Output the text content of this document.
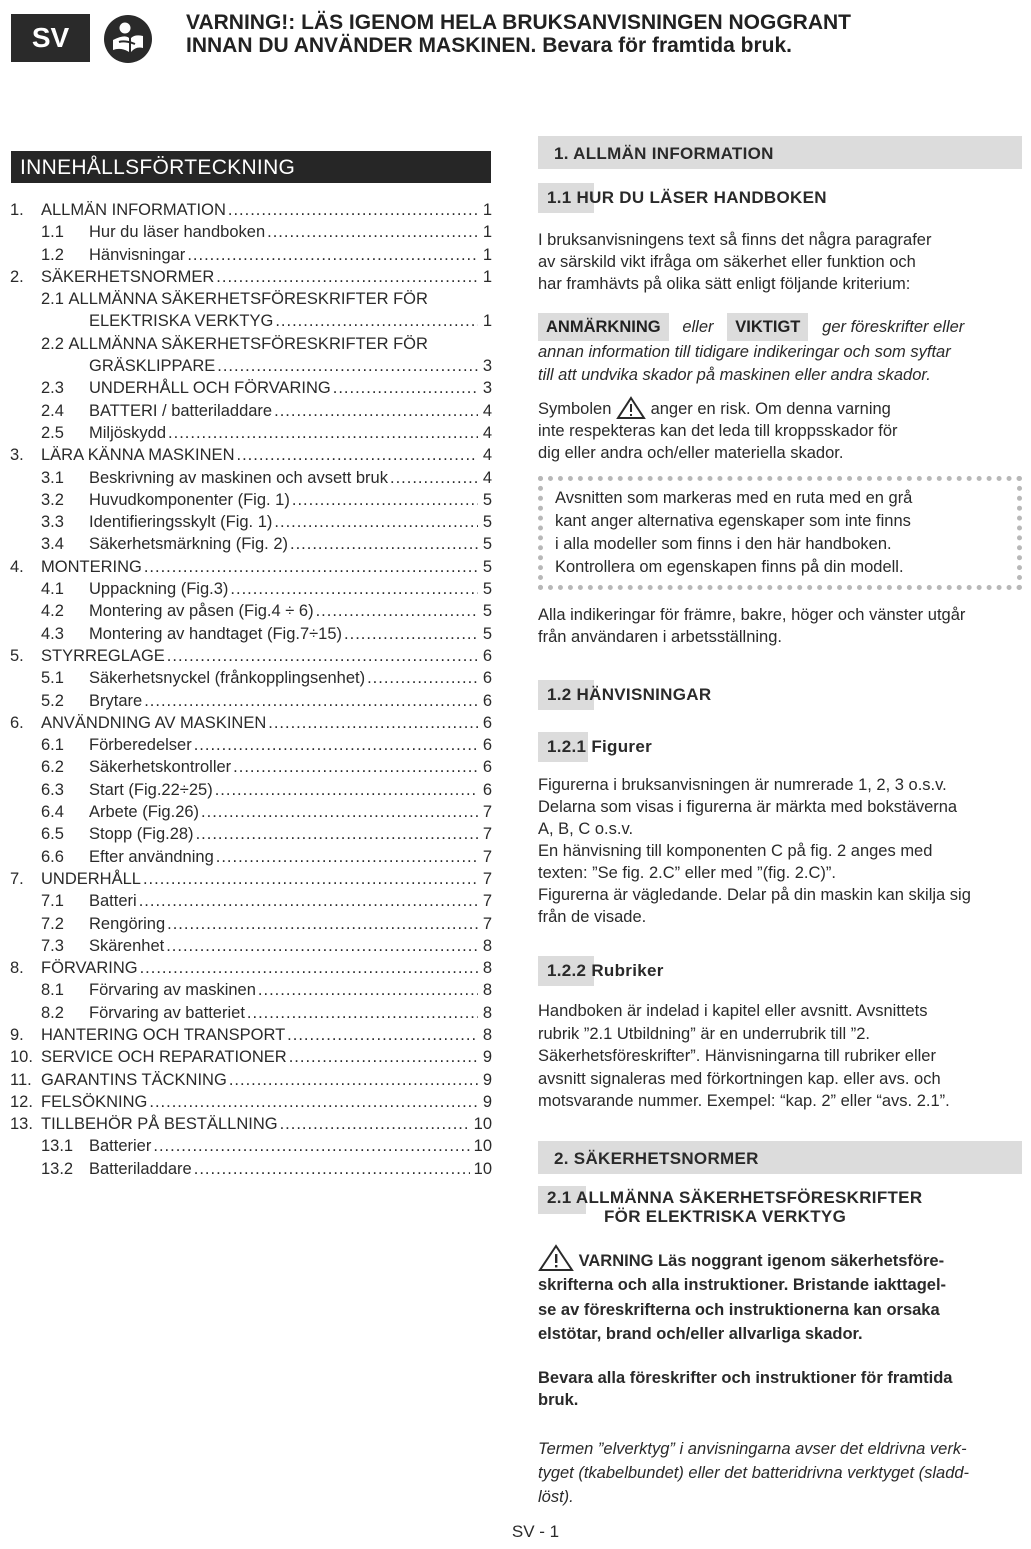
SV	VARNING!: LÄS IGENOM HELA BRUKSANVISNINGEN NOGGRANT
INNAN DU ANVÄNDER MASKINEN. Bevara för framtida bruk.
INNEHÅLLSFÖRTECKNING
1.	ALLMÄN INFORMATION .....	1
1.1	Hur du läser handboken .....	1
1.2	Hänvisningar .....	1
2.	SÄKERHETSNORMER .....	1
2.1 ALLMÄNNA SÄKERHETSFÖRESKRIFTER FÖR
ELEKTRISKA VERKTYG .....	1
2.2 ALLMÄNNA SÄKERHETSFÖRESKRIFTER FÖR
GRÄSKLIPPARE .....	3
2.3	UNDERHÅLL OCH FÖRVARING .....	3
2.4	BATTERI / batteriladdare .....	4
2.5	Miljöskydd .....	4
3.	LÄRA KÄNNA MASKINEN .....	4
3.1	Beskrivning av maskinen och avsett bruk .....	4
3.2	Huvudkomponenter (Fig. 1) .....	5
3.3	Identifieringsskylt (Fig. 1) .....	5
3.4	Säkerhetsmärkning (Fig. 2) .....	5
4.	MONTERING .....	5
4.1	Uppackning (Fig.3) .....	5
4.2	Montering av påsen (Fig.4 ÷ 6) .....	5
4.3	Montering av handtaget (Fig.7÷15) .....	5
5.	STYRREGLAGE .....	6
5.1	Säkerhetsnyckel (frånkopplingsenhet) .....	6
5.2	Brytare .....	6
6.	ANVÄNDNING AV MASKINEN .....	6
6.1	Förberedelser .....	6
6.2	Säkerhetskontroller .....	6
6.3	Start (Fig.22÷25) .....	6
6.4	Arbete (Fig.26) .....	7
6.5	Stopp (Fig.28) .....	7
6.6	Efter användning .....	7
7.	UNDERHÅLL .....	7
7.1	Batteri .....	7
7.2	Rengöring .....	7
7.3	Skärenhet .....	8
8.	FÖRVARING .....	8
8.1	Förvaring av maskinen .....	8
8.2	Förvaring av batteriet .....	8
9.	HANTERING OCH TRANSPORT .....	8
10. SERVICE OCH REPARATIONER .....	9
11. GARANTINS TÄCKNING .....	9
12. FELSÖKNING .....	9
13. TILLBEHÖR PÅ BESTÄLLNING .....	10
13.1 Batterier .....	10
13.2 Batteriladdare .....	10
1. ALLMÄN INFORMATION
1.1 HUR DU LÄSER HANDBOKEN

I bruksanvisningens text så finns det några paragrafer
av särskild vikt ifråga om säkerhet eller funktion och
har framhävts på olika sätt enligt följande kriterium:

ANMÄRKNING eller VIKTIGT ger föreskrifter eller
annan information till tidigare indikeringar och som syftar
till att undvika skador på maskinen eller andra skador.

Symbolen anger en risk. Om denna varning
inte respekteras kan det leda till kroppsskador för
dig eller andra och/eller materiella skador.

Avsnitten som markeras med en ruta med en grå
kant anger alternativa egenskaper som inte finns
i alla modeller som finns i den här handboken.
Kontrollera om egenskapen finns på din modell.

Alla indikeringar för främre, bakre, höger och vänster utgår
från användaren i arbetsställning.

1.2 HÄNVISNINGAR
1.2.1 Figurer

Figurerna i bruksanvisningen är numrerade 1, 2, 3 o.s.v.
Delarna som visas i figurerna är märkta med bokstäverna
A, B, C o.s.v.
En hänvisning till komponenten C på fig. 2 anges med
texten: ”Se fig. 2.C” eller med ”(fig. 2.C)”.
Figurerna är vägledande. Delar på din maskin kan skilja sig
från de visade.

1.2.2 Rubriker

Handboken är indelad i kapitel eller avsnitt. Avsnittets
rubrik ”2.1 Utbildning” är en underrubrik till ”2.
Säkerhetsföreskrifter”. Hänvisningarna till rubriker eller
avsnitt signaleras med förkortningen kap. eller avs. och
motsvarande nummer. Exempel: “kap. 2” eller “avs. 2.1”.

2. SÄKERHETSNORMER
2.1 ALLMÄNNA SÄKERHETSFÖRESKRIFTER
FÖR ELEKTRISKA VERKTYG

VARNING Läs noggrant igenom säkerhetsföre-
skrifterna och alla instruktioner. Bristande iakttagel-
se av föreskrifterna och instruktionerna kan orsaka
elstötar, brand och/eller allvarliga skador.

Bevara alla föreskrifter och instruktioner för framtida
bruk.

Termen ”elverktyg” i anvisningarna avser det eldrivna verk-
tyget (tkabelbundet) eller det batteridrivna verktyget (sladd-
löst).

SV - 1
